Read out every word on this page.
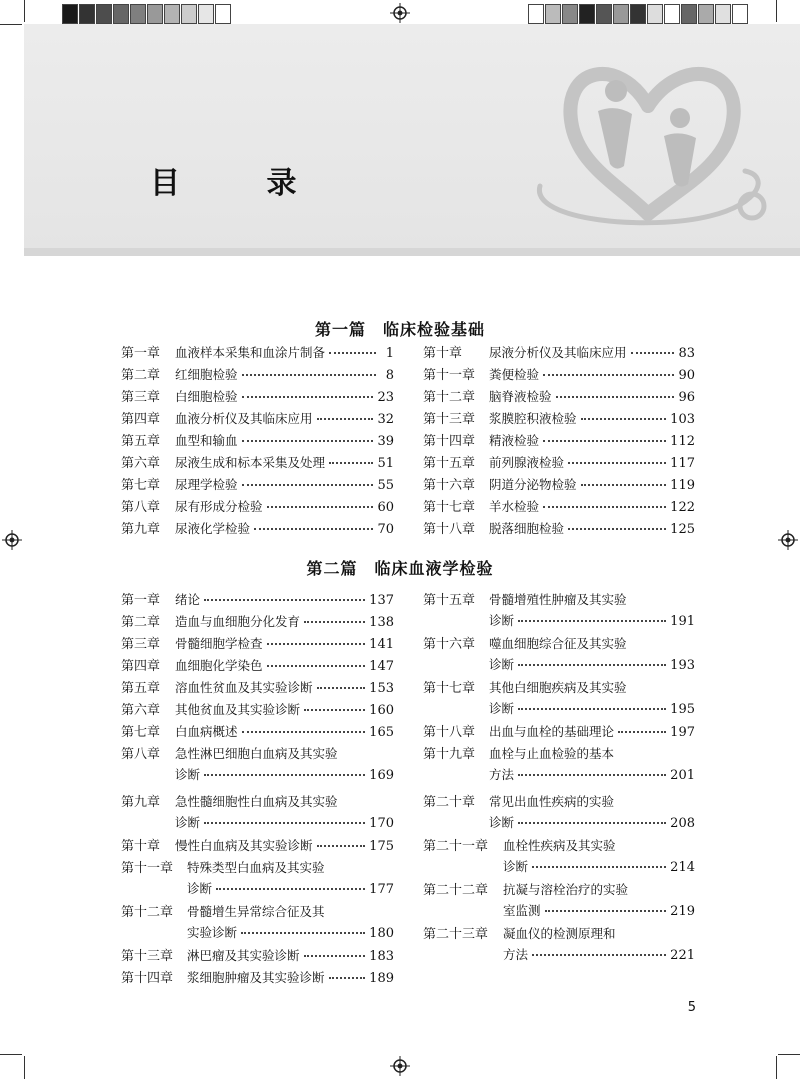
目 录
第一篇　临床检验基础
第一章	血液样本采集和血涂片制备	1
第二章	红细胞检验	8
第三章	白细胞检验	23
第四章	血液分析仪及其临床应用	32
第五章	血型和输血	39
第六章	尿液生成和标本采集及处理	51
第七章	尿理学检验	55
第八章	尿有形成分检验	60
第九章	尿液化学检验	70
第十章	尿液分析仪及其临床应用	83
第十一章	粪便检验	90
第十二章	脑脊液检验	96
第十三章	浆膜腔积液检验	103
第十四章	精液检验	112
第十五章	前列腺液检验	117
第十六章	阴道分泌物检验	119
第十七章	羊水检验	122
第十八章	脱落细胞检验	125
第二篇　临床血液学检验
第一章	绪论	137
第二章	造血与血细胞分化发育	138
第三章	骨髓细胞学检查	141
第四章	血细胞化学染色	147
第五章	溶血性贫血及其实验诊断	153
第六章	其他贫血及其实验诊断	160
第七章	白血病概述	165
第八章	急性淋巴细胞白血病及其实验
诊断	169
第九章	急性髓细胞性白血病及其实验
诊断	170
第十章	慢性白血病及其实验诊断	175
第十一章	特殊类型白血病及其实验
诊断	177
第十二章	骨髓增生异常综合征及其
实验诊断	180
第十三章	淋巴瘤及其实验诊断	183
第十四章	浆细胞肿瘤及其实验诊断	189
第十五章	骨髓增殖性肿瘤及其实验
诊断	191
第十六章	噬血细胞综合征及其实验
诊断	193
第十七章	其他白细胞疾病及其实验
诊断	195
第十八章	出血与血栓的基础理论	197
第十九章	血栓与止血检验的基本
方法	201
第二十章	常见出血性疾病的实验
诊断	208
第二十一章	血栓性疾病及其实验
诊断	214
第二十二章	抗凝与溶栓治疗的实验
室监测	219
第二十三章	凝血仪的检测原理和
方法	221
5
